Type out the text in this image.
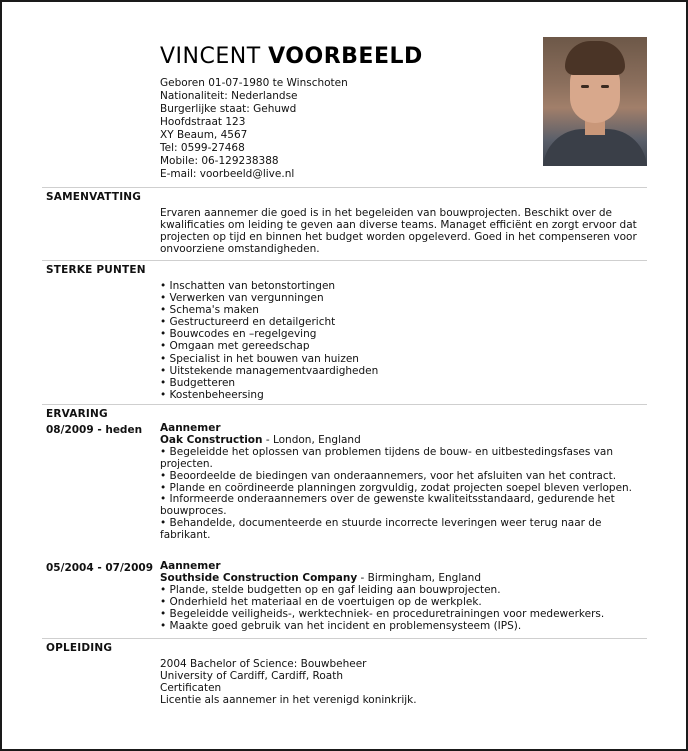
VINCENT VOORBEELD
Geboren 01-07-1980 te Winschoten
Nationaliteit: Nederlandse
Burgerlijke staat: Gehuwd
Hoofdstraat 123
XY Beaum, 4567
Tel: 0599-27468
Mobile: 06-129238388
E-mail: voorbeeld@live.nl
SAMENVATTING

Ervaren aannemer die goed is in het begeleiden van bouwprojecten. Beschikt over de kwalificaties om leiding te geven aan diverse teams. Managet efficiënt en zorgt ervoor dat projecten op tijd en binnen het budget worden opgeleverd. Goed in het compenseren voor onvoorziene omstandigheden.

STERKE PUNTEN
• Inschatten van betonstortingen
• Verwerken van vergunningen
• Schema's maken
• Gestructureerd en detailgericht
• Bouwcodes en –regelgeving
• Omgaan met gereedschap
• Specialist in het bouwen van huizen
• Uitstekende managementvaardigheden
• Budgetteren
• Kostenbeheersing
ERVARING
08/2009 - heden Aannemer
Oak Construction - London, England

• Begeleidde het oplossen van problemen tijdens de bouw- en uitbestedingsfases van projecten.

• Beoordeelde de biedingen van onderaannemers, voor het afsluiten van het contract.

• Plande en coördineerde planningen zorgvuldig, zodat projecten soepel bleven verlopen.

• Informeerde onderaannemers over de gewenste kwaliteitsstandaard, gedurende het bouwproces.

• Behandelde, documenteerde en stuurde incorrecte leveringen weer terug naar de fabrikant.

05/2004 - 07/2009 Aannemer
Southside Construction Company - Birmingham, England

• Plande, stelde budgetten op en gaf leiding aan bouwprojecten.

• Onderhield het materiaal en de voertuigen op de werkplek.

• Begeleidde veiligheids-, werktechniek- en proceduretrainingen voor medewerkers.

• Maakte goed gebruik van het incident en problemensysteem (IPS).

OPLEIDING
2004 Bachelor of Science: Bouwbeheer
University of Cardiff, Cardiff, Roath
Certificaten
Licentie als aannemer in het verenigd koninkrijk.
